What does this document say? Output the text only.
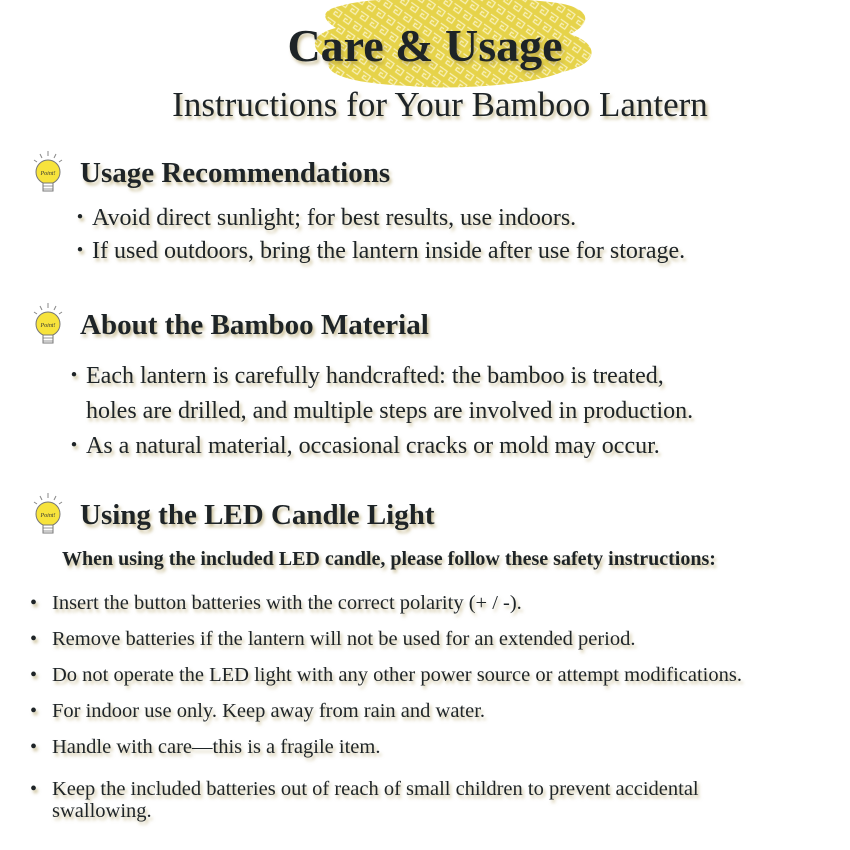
Care & Usage
Instructions for Your Bamboo Lantern
Point! Usage Recommendations
・ Avoid direct sunlight; for best results, use indoors.
・ If used outdoors, bring the lantern inside after use for storage.
Point! About the Bamboo Material
・ Each lantern is carefully handcrafted: the bamboo is treated,
holes are drilled, and multiple steps are involved in production.
・ As a natural material, occasional cracks or mold may occur.
Point! Using the LED Candle Light
When using the included LED candle, please follow these safety instructions:
• Insert the button batteries with the correct polarity (+ / -).
• Remove batteries if the lantern will not be used for an extended period.
• Do not operate the LED light with any other power source or attempt modifications.
• For indoor use only. Keep away from rain and water.
• Handle with care—this is a fragile item.
• Keep the included batteries out of reach of small children to prevent accidental swallowing.
